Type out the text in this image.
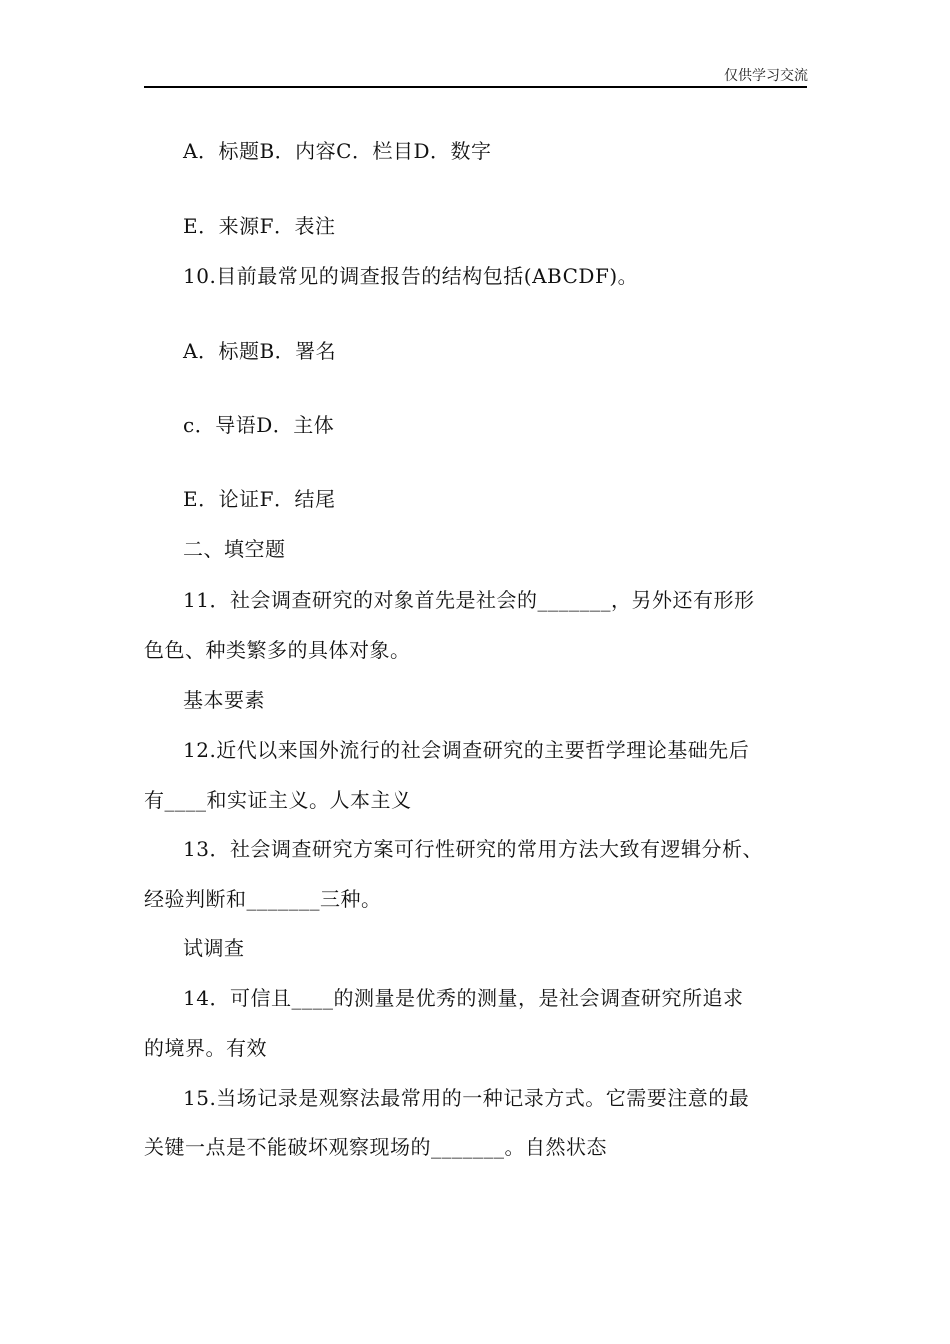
仅供学习交流
A．标题B．内容C．栏目D．数字
E．来源F．表注
10.目前最常见的调查报告的结构包括(ABCDF)。
A．标题B．署名
c．导语D．主体
E．论证F．结尾
二、填空题
11．社会调查研究的对象首先是社会的_______，另外还有形形
色色、种类繁多的具体对象。
基本要素
12.近代以来国外流行的社会调查研究的主要哲学理论基础先后
有____和实证主义。人本主义
13．社会调查研究方案可行性研究的常用方法大致有逻辑分析、
经验判断和_______三种。
试调查
14．可信且____的测量是优秀的测量，是社会调查研究所追求
的境界。有效
15.当场记录是观察法最常用的一种记录方式。它需要注意的最
关键一点是不能破坏观察现场的_______。自然状态
